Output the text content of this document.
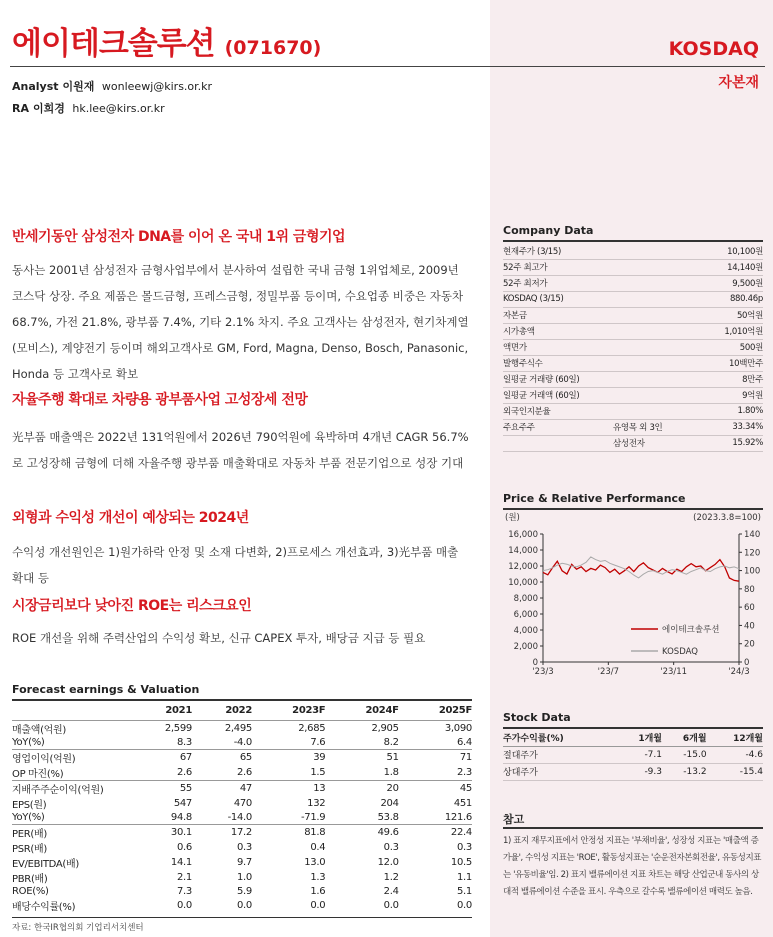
에이테크솔루션 (071670)	KOSDAQ
자본재
Analyst 이원재 wonleewj@kirs.or.kr
RA 이희경 hk.lee@kirs.or.kr
반세기동안 삼성전자 DNA를 이어 온 국내 1위 금형기업
동사는 2001년 삼성전자 금형사업부에서 분사하여 설립한 국내 금형 1위업체로, 2009년 코스닥 상장. 주요 제품은 몰드금형, 프레스금형, 정밀부품 등이며, 수요업종 비중은 자동차 68.7%, 가전 21.8%, 광부품 7.4%, 기타 2.1% 차지. 주요 고객사는 삼성전자, 현기차계열(모비스), 계양전기 등이며 해외고객사로 GM, Ford, Magna, Denso, Bosch, Panasonic, Honda 등 고객사로 확보
자율주행 확대로 차량용 광부품사업 고성장세 전망
光부품 매출액은 2022년 131억원에서 2026년 790억원에 육박하며 4개년 CAGR 56.7%로 고성장해 금형에 더해 자율주행 광부품 매출확대로 자동차 부품 전문기업으로 성장 기대
외형과 수익성 개선이 예상되는 2024년
수익성 개선원인은 1)원가하락 안정 및 소재 다변화, 2)프로세스 개선효과, 3)光부품 매출 확대 등
시장금리보다 낮아진 ROE는 리스크요인
ROE 개선을 위해 주력산업의 수익성 확보, 신규 CAPEX 투자, 배당금 지급 등 필요
Forecast earnings & Valuation
	2021	2022	2023F	2024F	2025F
매출액(억원)	2,599	2,495	2,685	2,905	3,090
YoY(%)	8.3	-4.0	7.6	8.2	6.4
영업이익(억원)	67	65	39	51	71
OP 마진(%)	2.6	2.6	1.5	1.8	2.3
지배주주순이익(억원)	55	47	13	20	45
EPS(원)	547	470	132	204	451
YoY(%)	94.8	-14.0	-71.9	53.8	121.6
PER(배)	30.1	17.2	81.8	49.6	22.4
PSR(배)	0.6	0.3	0.4	0.3	0.3
EV/EBITDA(배)	14.1	9.7	13.0	12.0	10.5
PBR(배)	2.1	1.0	1.3	1.2	1.1
ROE(%)	7.3	5.9	1.6	2.4	5.1
배당수익률(%)	0.0	0.0	0.0	0.0	0.0
자료: 한국IR협의회 기업리서치센터
Company Data
현재주가 (3/15)		10,100원
52주 최고가		14,140원
52주 최저가		9,500원
KOSDAQ (3/15)		880.46p
자본금		50억원
시가총액		1,010억원
액면가		500원
발행주식수		10백만주
일평균 거래량 (60일)		8만주
일평균 거래액 (60일)		9억원
외국인지분율		1.80%
주요주주	유영목 외 3인	33.34%
	삼성전자	15.92%
Price & Relative Performance
(원)	(2023.3.8=100)
0
2,000
4,000
6,000
8,000
10,000
12,000
14,000
16,000
0
20
40
60
80
100
120
140
'23/3	'23/7	'23/11	'24/3
에이테크솔루션
KOSDAQ
Stock Data
주가수익률(%)	1개월	6개월	12개월
절대주가	-7.1	-15.0	-4.6
상대주가	-9.3	-13.2	-15.4
참고
1) 표지 재무지표에서 안정성 지표는 '부채비율', 성장성 지표는 '매출액 증가율', 수익성 지표는 'ROE', 활동성지표는 '순운전자본회전율', 유동성지표는 '유동비율'임. 2) 표지 밸류에이션 지표 차트는 해당 산업군내 동사의 상대적 밸류에이션 수준을 표시. 우측으로 갈수록 밸류에이션 매력도 높음.
